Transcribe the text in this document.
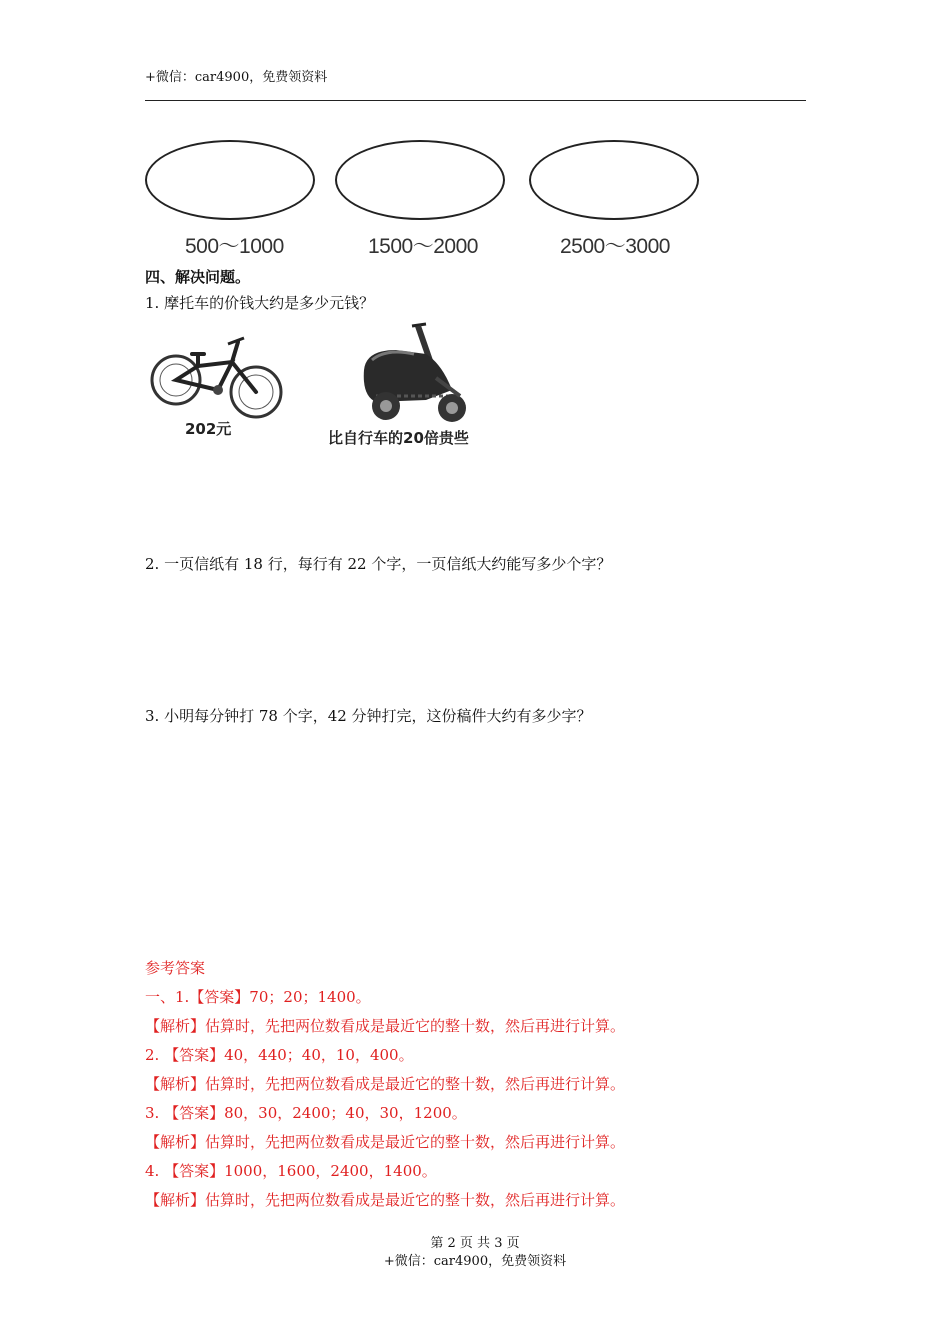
+微信：car4900，免费领资料
500～1000	1500～2000	2500～3000
四、解决问题。
1. 摩托车的价钱大约是多少元钱？
202元	比自行车的20倍贵些
2. 一页信纸有 18 行，每行有 22 个字，一页信纸大约能写多少个字？
3. 小明每分钟打 78 个字，42 分钟打完，这份稿件大约有多少字？
参考答案
一、1.【答案】70；20；1400。
【解析】估算时，先把两位数看成是最近它的整十数，然后再进行计算。
2. 【答案】40，440；40，10，400。
【解析】估算时，先把两位数看成是最近它的整十数，然后再进行计算。
3. 【答案】80，30，2400；40，30，1200。
【解析】估算时，先把两位数看成是最近它的整十数，然后再进行计算。
4. 【答案】1000，1600，2400，1400。
【解析】估算时，先把两位数看成是最近它的整十数，然后再进行计算。
第 2 页 共 3 页
+微信：car4900，免费领资料
